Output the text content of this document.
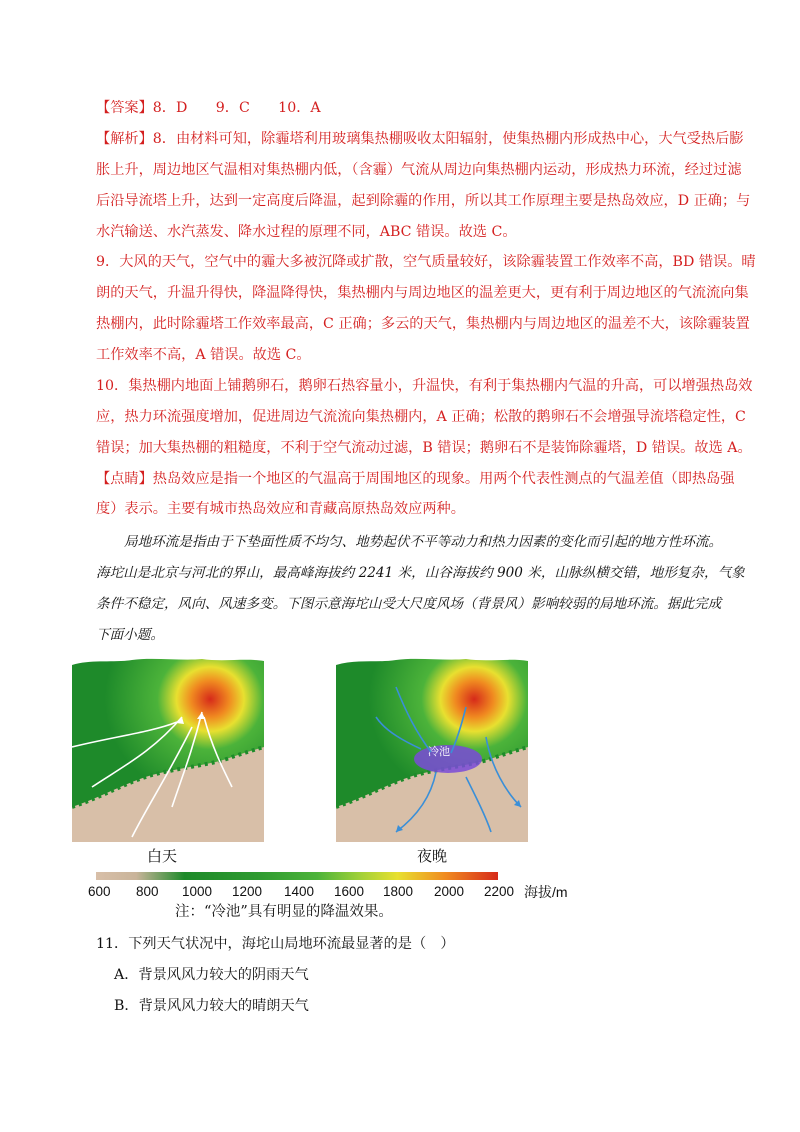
【答案】8．D　　9．C　　10．A
【解析】8．由材料可知，除霾塔利用玻璃集热棚吸收太阳辐射，使集热棚内形成热中心，大气受热后膨
胀上升，周边地区气温相对集热棚内低，（含霾）气流从周边向集热棚内运动，形成热力环流，经过过滤
后沿导流塔上升，达到一定高度后降温，起到除霾的作用，所以其工作原理主要是热岛效应，D 正确；与
水汽输送、水汽蒸发、降水过程的原理不同，ABC 错误。故选 C。
9．大风的天气，空气中的霾大多被沉降或扩散，空气质量较好，该除霾装置工作效率不高，BD 错误。晴
朗的天气，升温升得快，降温降得快，集热棚内与周边地区的温差更大，更有利于周边地区的气流流向集
热棚内，此时除霾塔工作效率最高，C 正确；多云的天气，集热棚内与周边地区的温差不大，该除霾装置
工作效率不高，A 错误。故选 C。
10．集热棚内地面上铺鹅卵石，鹅卵石热容量小，升温快，有利于集热棚内气温的升高，可以增强热岛效
应，热力环流强度增加，促进周边气流流向集热棚内，A 正确；松散的鹅卵石不会增强导流塔稳定性，C
错误；加大集热棚的粗糙度，不利于空气流动过滤，B 错误；鹅卵石不是装饰除霾塔，D 错误。故选 A。
【点睛】热岛效应是指一个地区的气温高于周围地区的现象。用两个代表性测点的气温差值（即热岛强
度）表示。主要有城市热岛效应和青藏高原热岛效应两种。
局地环流是指由于下垫面性质不均匀、地势起伏不平等动力和热力因素的变化而引起的地方性环流。
海坨山是北京与河北的界山，最高峰海拔约 2241 米，山谷海拔约 900 米，山脉纵横交错，地形复杂，气象
条件不稳定，风向、风速多变。下图示意海坨山受大尺度风场（背景风）影响较弱的局地环流。据此完成
下面小题。
冷池
白天	夜晚
600 800 1000 1200 1400 1600 1800 2000 2200 海拔/m
注：“冷池”具有明显的降温效果。
11．下列天气状况中，海坨山局地环流最显著的是（　）
A．背景风风力较大的阴雨天气
B．背景风风力较大的晴朗天气
